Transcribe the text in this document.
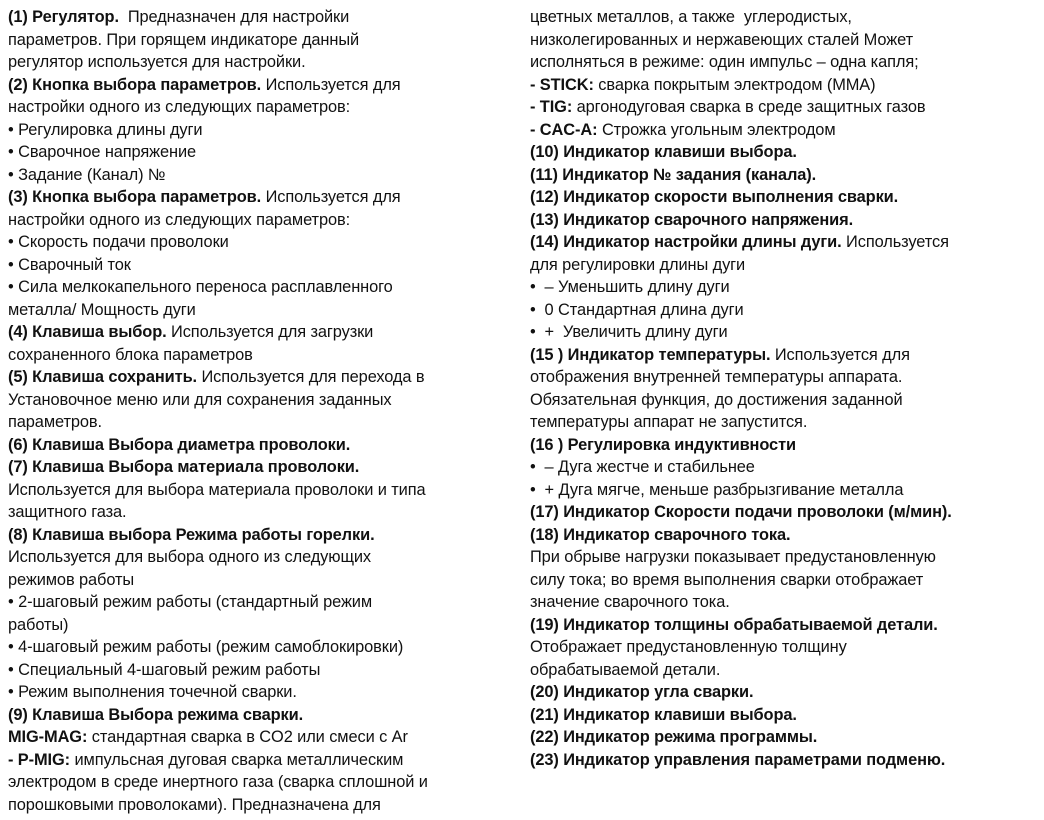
(1) Регулятор.  Предназначен для настройки
параметров. При горящем индикаторе данный
регулятор используется для настройки.
(2) Кнопка выбора параметров. Используется для
настройки одного из следующих параметров:
• Регулировка длины дуги
• Сварочное напряжение
• Задание (Канал) №
(3) Кнопка выбора параметров. Используется для
настройки одного из следующих параметров:
• Скорость подачи проволоки
• Сварочный ток
• Сила мелкокапельного переноса расплавленного
металла/ Мощность дуги
(4) Клавиша выбор. Используется для загрузки
сохраненного блока параметров
(5) Клавиша сохранить. Используется для перехода в
Установочное меню или для сохранения заданных
параметров.
(6) Клавиша Выбора диаметра проволоки.
(7) Клавиша Выбора материала проволоки.
Используется для выбора материала проволоки и типа
защитного газа.
(8) Клавиша выбора Режима работы горелки.
Используется для выбора одного из следующих
режимов работы
• 2-шаговый режим работы (стандартный режим
работы)
• 4-шаговый режим работы (режим самоблокировки)
• Специальный 4-шаговый режим работы
• Режим выполнения точечной сварки.
(9) Клавиша Выбора режима сварки.
MIG-MAG: стандартная сварка в CO2 или смеси с Ar
- P-MIG: импульсная дуговая сварка металлическим
электродом в среде инертного газа (сварка сплошной и
порошковыми проволоками). Предназначена для
цветных металлов, а также  углеродистых,
низколегированных и нержавеющих сталей Может
исполняться в режиме: один импульс – одна капля;
- STICK: сварка покрытым электродом (MMA)
- TIG: аргонодуговая сварка в среде защитных газов
- CAC-A: Строжка угольным электродом
(10) Индикатор клавиши выбора.
(11) Индикатор № задания (канала).
(12) Индикатор скорости выполнения сварки.
(13) Индикатор сварочного напряжения.
(14) Индикатор настройки длины дуги. Используется
для регулировки длины дуги
•  – Уменьшить длину дуги
•  0 Стандартная длина дуги
•  +  Увеличить длину дуги
(15 ) Индикатор температуры. Используется для
отображения внутренней температуры аппарата.
Обязательная функция, до достижения заданной
температуры аппарат не запустится.
(16 ) Регулировка индуктивности
•  – Дуга жестче и стабильнее
•  + Дуга мягче, меньше разбрызгивание металла
(17) Индикатор Скорости подачи проволоки (м/мин).
(18) Индикатор сварочного тока.
При обрыве нагрузки показывает предустановленную
силу тока; во время выполнения сварки отображает
значение сварочного тока.
(19) Индикатор толщины обрабатываемой детали.
Отображает предустановленную толщину
обрабатываемой детали.
(20) Индикатор угла сварки.
(21) Индикатор клавиши выбора.
(22) Индикатор режима программы.
(23) Индикатор управления параметрами подменю.
